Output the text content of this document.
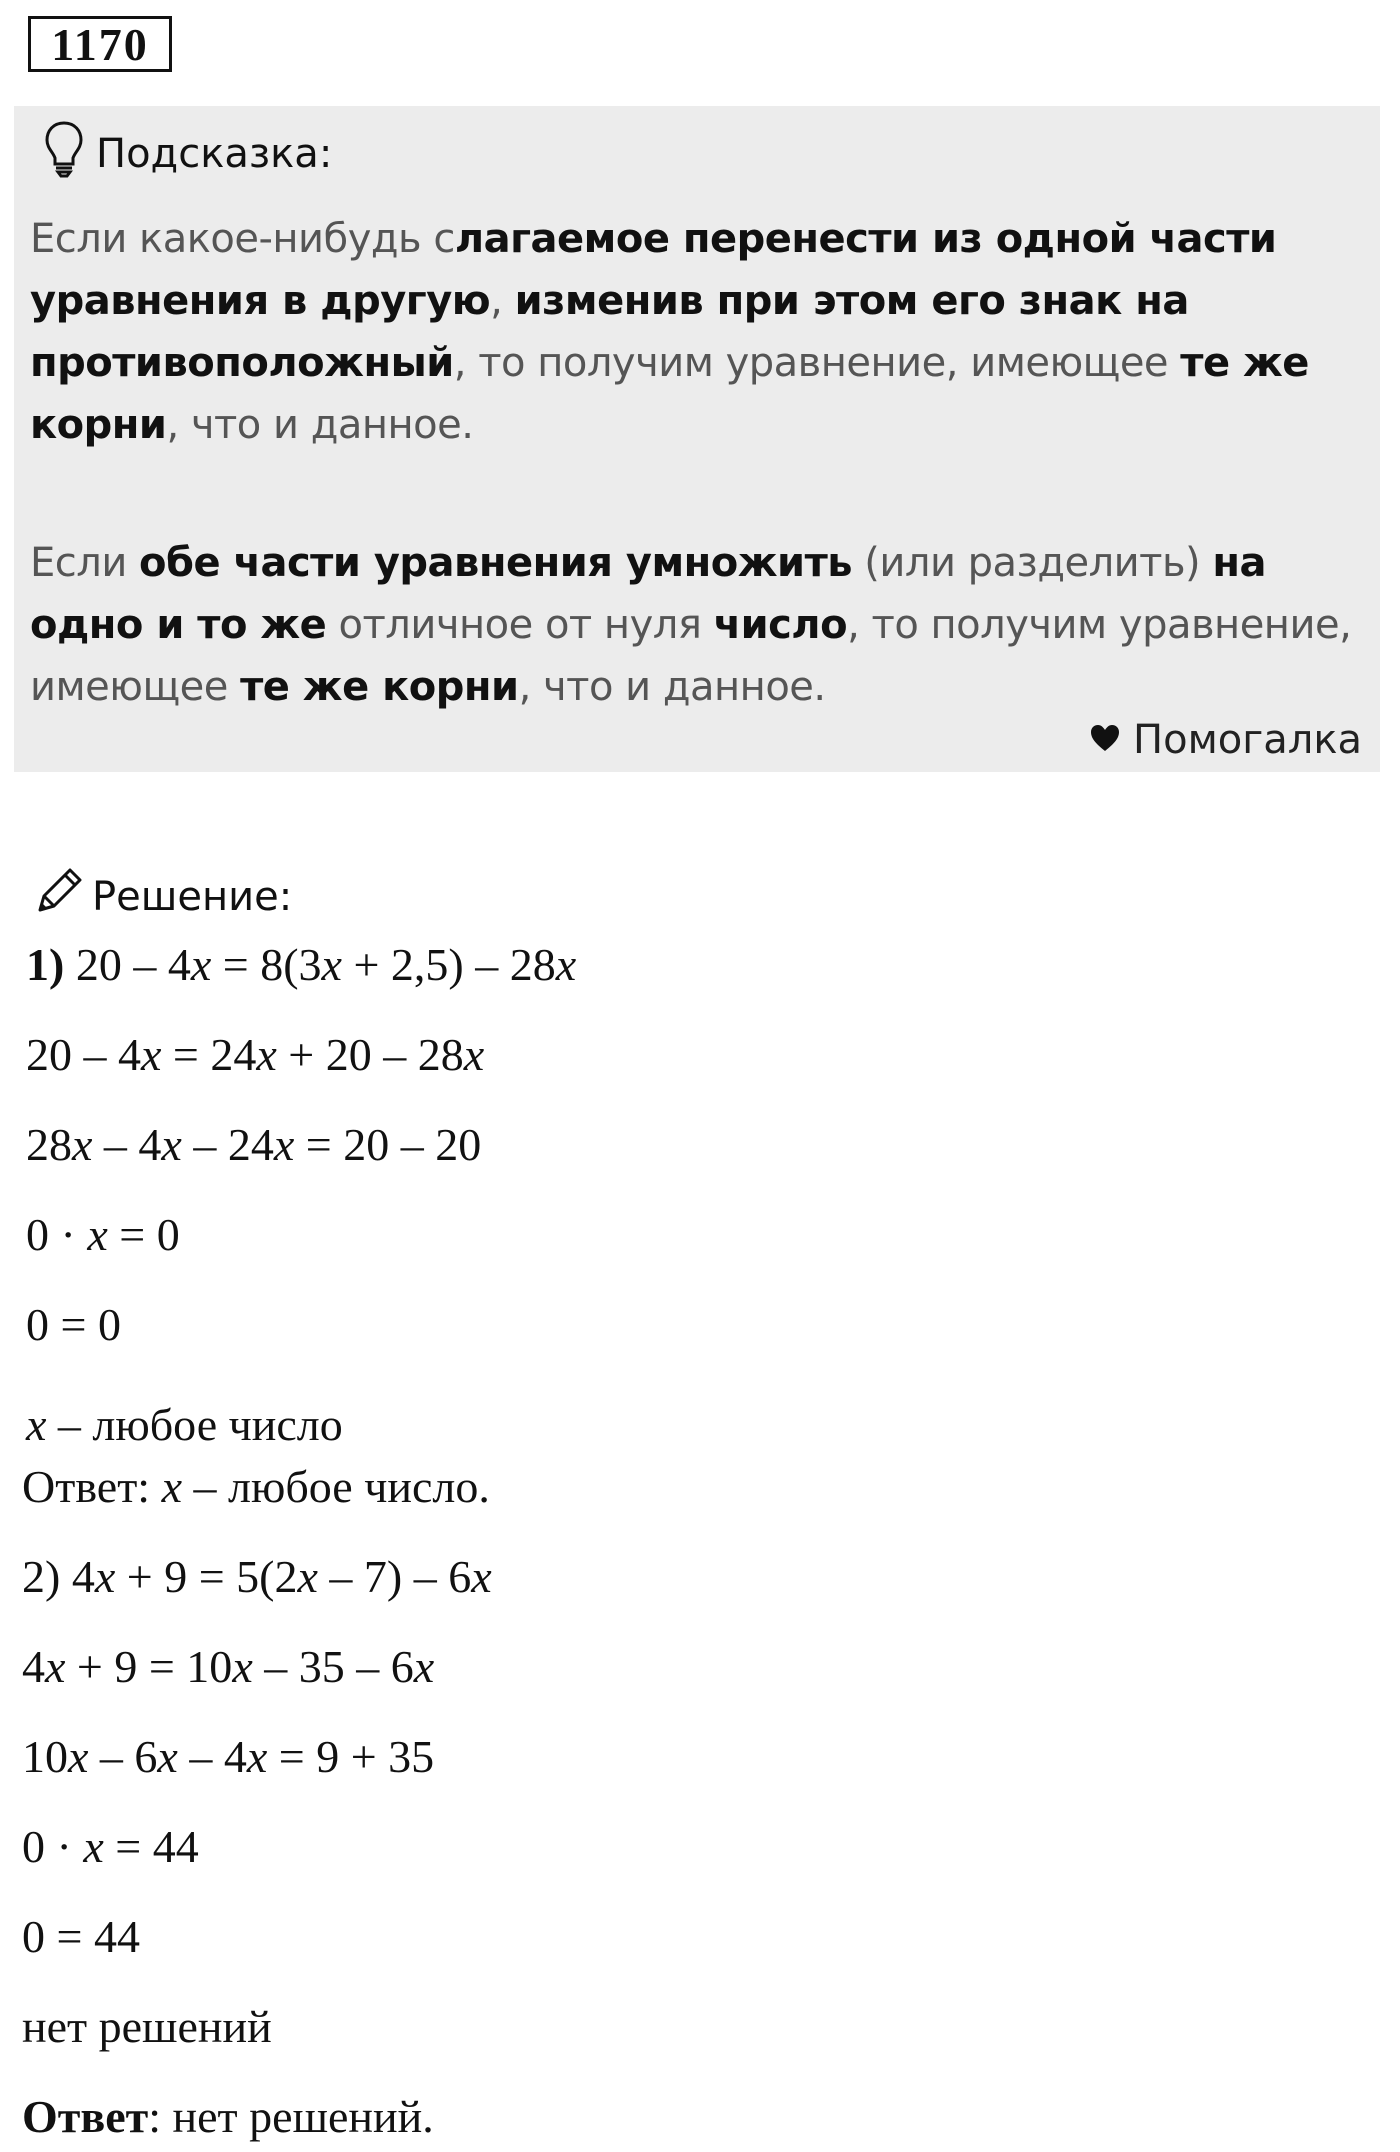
1170
Подсказка:
Если какое-нибудь слагаемое перенести из одной части уравнения в другую, изменив при этом его знак на противоположный, то получим уравнение, имеющее те же корни, что и данное.
Если обе части уравнения умножить (или разделить) на одно и то же отличное от нуля число, то получим уравнение, имеющее те же корни, что и данное.
Помогалка
Решение:
1) 20 – 4x = 8(3x + 2,5) – 28x
20 – 4x = 24x + 20 – 28x
28x – 4x – 24x = 20 – 20
0 · x = 0
0 = 0
x – любое число
Ответ: x – любое число.
2) 4x + 9 = 5(2x – 7) – 6x
4x + 9 = 10x – 35 – 6x
10x – 6x – 4x = 9 + 35
0 · x = 44
0 = 44
нет решений
Ответ: нет решений.
